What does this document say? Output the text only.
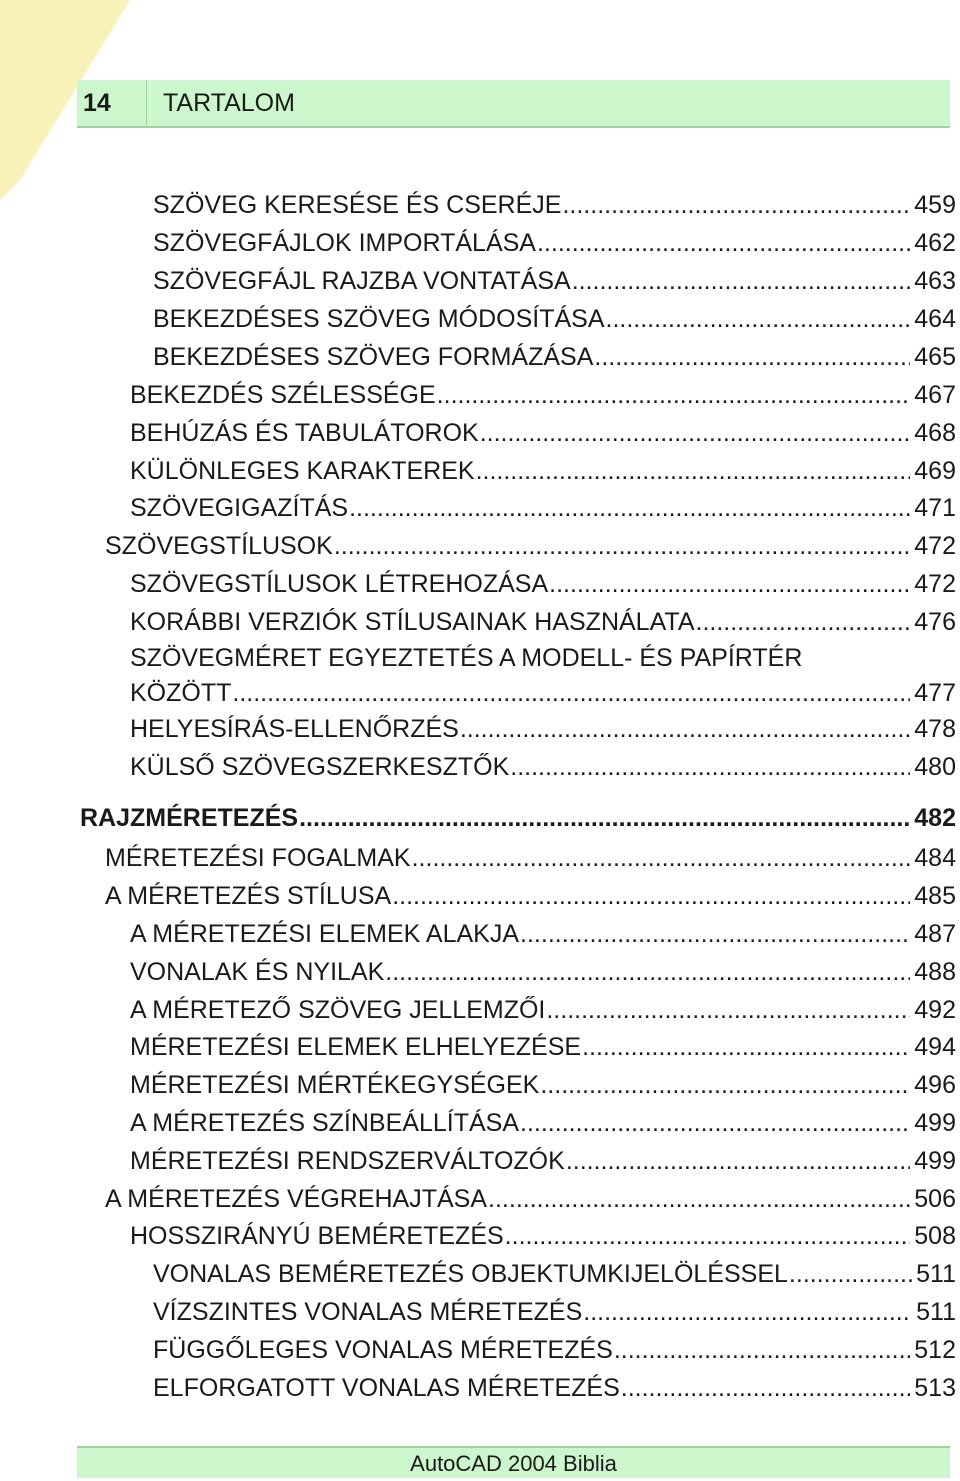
14	TARTALOM
SZÖVEG KERESÉSE ÉS CSERÉJE .....	459
SZÖVEGFÁJLOK IMPORTÁLÁSA .....	462
SZÖVEGFÁJL RAJZBA VONTATÁSA .....	463
BEKEZDÉSES SZÖVEG MÓDOSÍTÁSA .....	464
BEKEZDÉSES SZÖVEG FORMÁZÁSA .....	465
BEKEZDÉS SZÉLESSÉGE .....	467
BEHÚZÁS ÉS TABULÁTOROK .....	468
KÜLÖNLEGES KARAKTEREK .....	469
SZÖVEGIGAZÍTÁS .....	471
SZÖVEGSTÍLUSOK .....	472
SZÖVEGSTÍLUSOK LÉTREHOZÁSA .....	472
KORÁBBI VERZIÓK STÍLUSAINAK HASZNÁLATA .....	476
SZÖVEGMÉRET EGYEZTETÉS A MODELL- ÉS PAPÍRTÉR
KÖZÖTT .....	477
HELYESÍRÁS-ELLENŐRZÉS .....	478
KÜLSŐ SZÖVEGSZERKESZTŐK .....	480
RAJZMÉRETEZÉS .....	482
MÉRETEZÉSI FOGALMAK .....	484
A MÉRETEZÉS STÍLUSA .....	485
A MÉRETEZÉSI ELEMEK ALAKJA .....	487
VONALAK ÉS NYILAK .....	488
A MÉRETEZŐ SZÖVEG JELLEMZŐI .....	492
MÉRETEZÉSI ELEMEK ELHELYEZÉSE .....	494
MÉRETEZÉSI MÉRTÉKEGYSÉGEK .....	496
A MÉRETEZÉS SZÍNBEÁLLÍTÁSA .....	499
MÉRETEZÉSI RENDSZERVÁLTOZÓK .....	499
A MÉRETEZÉS VÉGREHAJTÁSA .....	506
HOSSZIRÁNYÚ BEMÉRETEZÉS .....	508
VONALAS BEMÉRETEZÉS OBJEKTUMKIJELÖLÉSSEL .....	511
VÍZSZINTES VONALAS MÉRETEZÉS .....	511
FÜGGŐLEGES VONALAS MÉRETEZÉS .....	512
ELFORGATOTT VONALAS MÉRETEZÉS .....	513
AutoCAD 2004 Biblia
